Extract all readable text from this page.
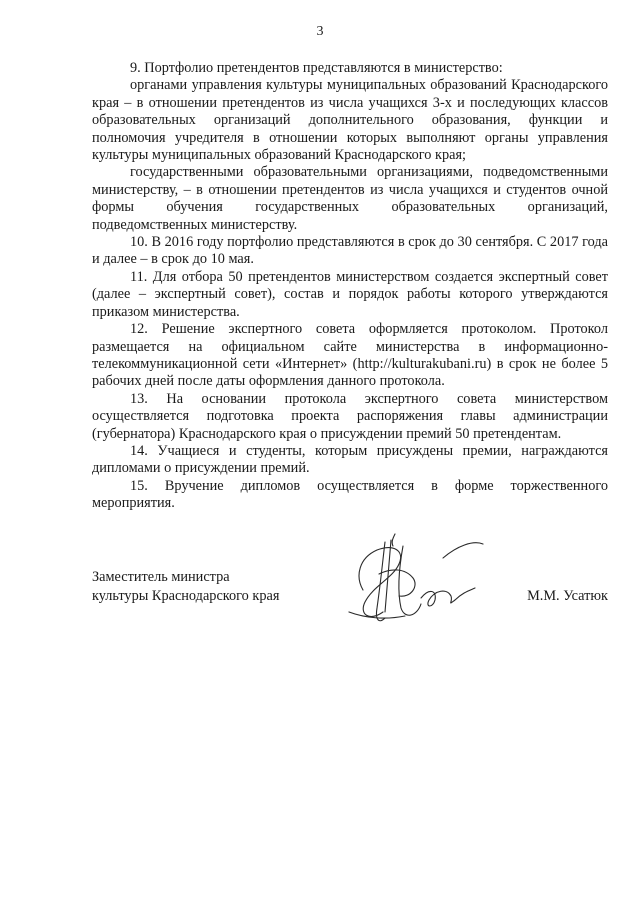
3

9. Портфолио претендентов представляются в министерство:

органами управления культуры муниципальных образований Краснодарского края – в отношении претендентов из числа учащихся 3-х и последующих классов образовательных организаций дополнительного образования, функции и полномочия учредителя в отношении которых выполняют органы управления культуры муниципальных образований Краснодарского края;

государственными образовательными организациями, подведомственными министерству, – в отношении претендентов из числа учащихся и студентов очной формы обучения государственных образовательных организаций, подведомственных министерству.

10. В 2016 году портфолио представляются в срок до 30 сентября. С 2017 года и далее – в срок до 10 мая.

11. Для отбора 50 претендентов министерством создается экспертный совет (далее – экспертный совет), состав и порядок работы которого утверждаются приказом министерства.

12. Решение экспертного совета оформляется протоколом. Протокол размещается на официальном сайте министерства в информационно-телекоммуникационной сети «Интернет» (http://kulturakubani.ru) в срок не более 5 рабочих дней после даты оформления данного протокола.

13. На основании протокола экспертного совета министерством осуществляется подготовка проекта распоряжения главы администрации (губернатора) Краснодарского края о присуждении премий 50 претендентам.

14. Учащиеся и студенты, которым присуждены премии, награждаются дипломами о присуждении премий.

15. Вручение дипломов осуществляется в форме торжественного мероприятия.

Заместитель министра
культуры Краснодарского края	М.М. Усатюк
